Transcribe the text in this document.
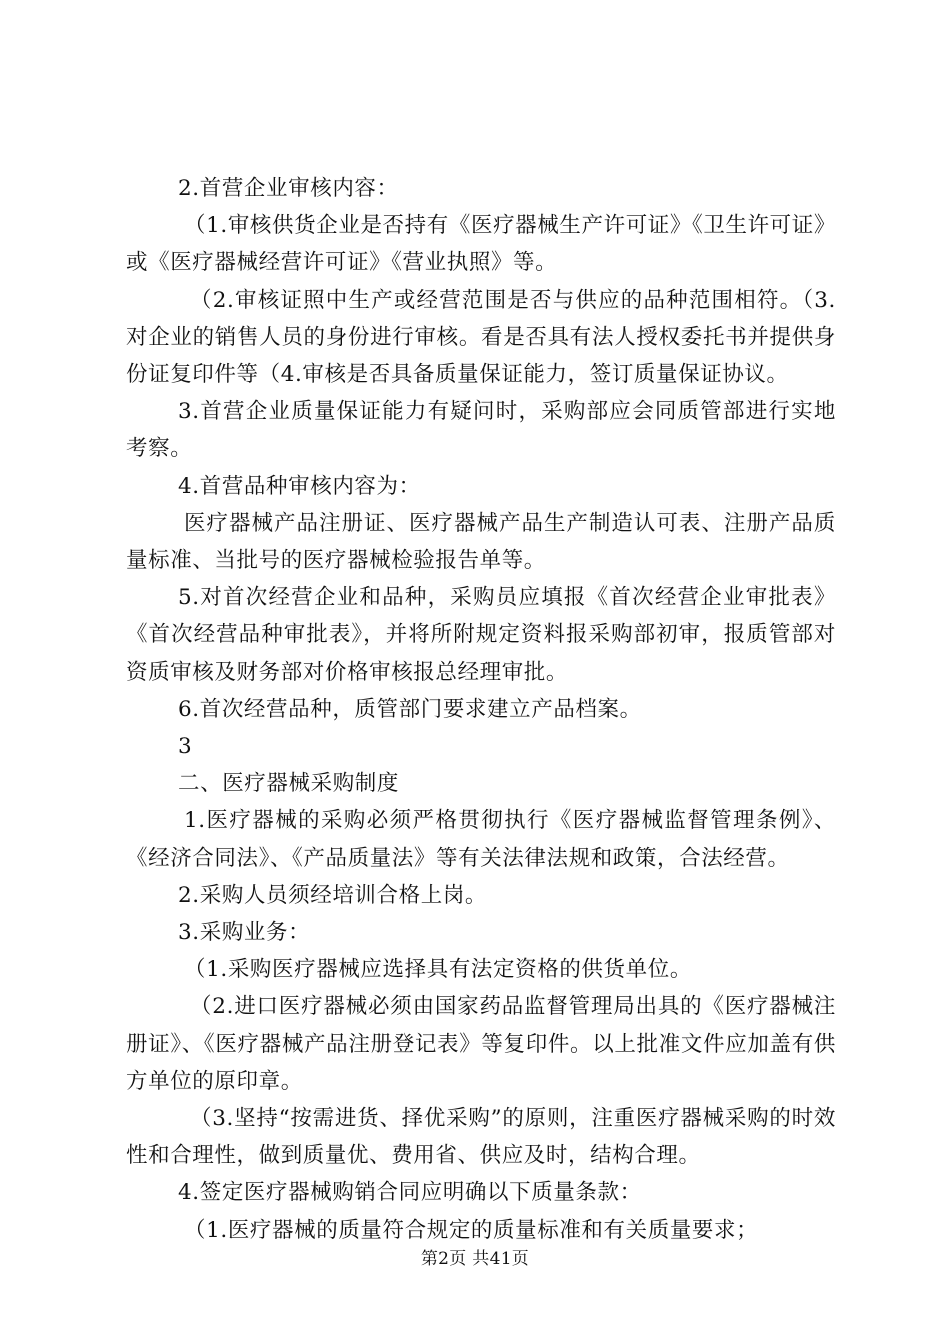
2.首营企业审核内容：

（1.审核供货企业是否持有《医疗器械生产许可证》《卫生许可证》或《医疗器械经营许可证》《营业执照》等。

（2.审核证照中生产或经营范围是否与供应的品种范围相符。（3.对企业的销售人员的身份进行审核。看是否具有法人授权委托书并提供身份证复印件等（4.审核是否具备质量保证能力，签订质量保证协议。

3.首营企业质量保证能力有疑问时，采购部应会同质管部进行实地考察。

4.首营品种审核内容为：

医疗器械产品注册证、医疗器械产品生产制造认可表、注册产品质量标准、当批号的医疗器械检验报告单等。

5.对首次经营企业和品种，采购员应填报《首次经营企业审批表》《首次经营品种审批表》，并将所附规定资料报采购部初审，报质管部对资质审核及财务部对价格审核报总经理审批。

6.首次经营品种，质管部门要求建立产品档案。

3

二、医疗器械采购制度

1.医疗器械的采购必须严格贯彻执行《医疗器械监督管理条例》、《经济合同法》、《产品质量法》等有关法律法规和政策，合法经营。

2.采购人员须经培训合格上岗。

3.采购业务：

（1.采购医疗器械应选择具有法定资格的供货单位。

（2.进口医疗器械必须由国家药品监督管理局出具的《医疗器械注册证》、《医疗器械产品注册登记表》等复印件。以上批准文件应加盖有供方单位的原印章。

（3.坚持“按需进货、择优采购”的原则，注重医疗器械采购的时效性和合理性，做到质量优、费用省、供应及时，结构合理。

4.签定医疗器械购销合同应明确以下质量条款：

（1.医疗器械的质量符合规定的质量标准和有关质量要求；

第2页 共41页
